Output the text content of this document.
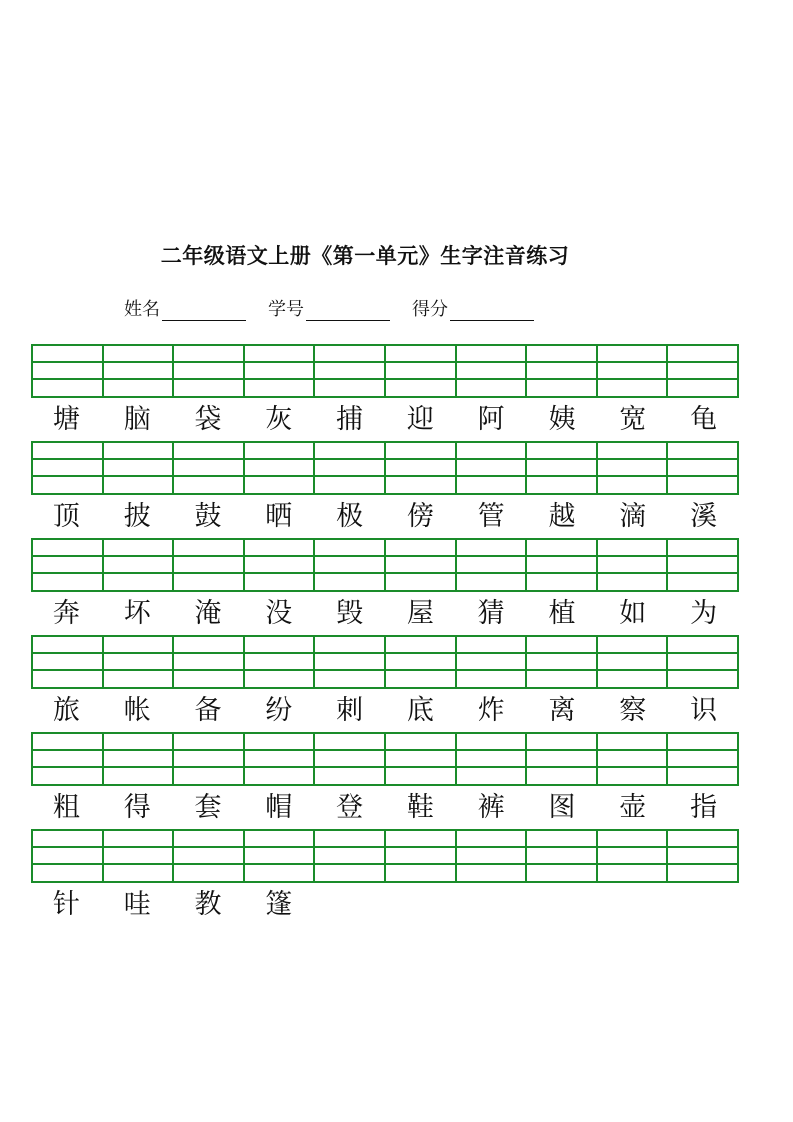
二年级语文上册《第一单元》生字注音练习
姓名	学号	得分
塘	脑	袋	灰	捕	迎	阿	姨	宽	龟
顶	披	鼓	晒	极	傍	管	越	滴	溪
奔	坏	淹	没	毁	屋	猜	植	如	为
旅	帐	备	纷	刺	底	炸	离	察	识
粗	得	套	帽	登	鞋	裤	图	壶	指
针	哇	教	篷
